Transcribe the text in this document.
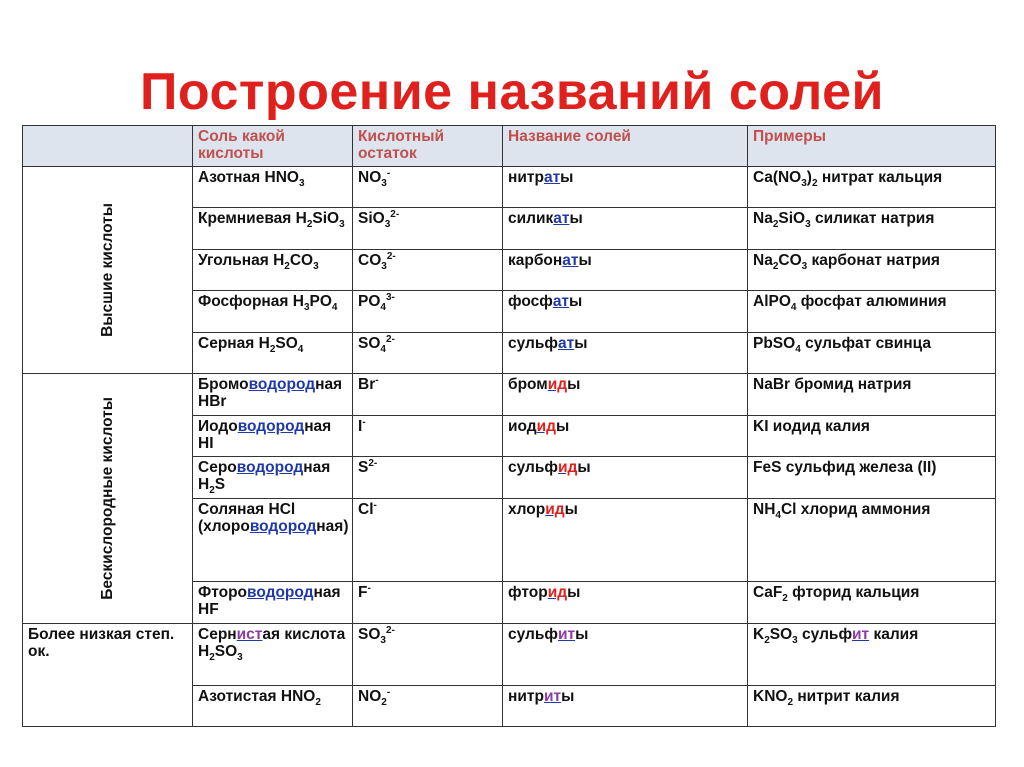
Построение названий солей
	Соль какой кислоты	Кислотный остаток	Название солей	Примеры

Высшие кислоты	Азотная $HNO_3$	$NO_3^-$	нитраты	$Ca(NO_3)_2$ нитрат кальция
	Кремниевая $H_2SiO_3$	SiO$_3^{2-}$	силикаты	$Na_2SiO_3$ силикат натрия
	Угольная $H_2CO_3$	$CO_3^{2-}$	карбонаты	$Na_2CO_3$ карбонат натрия
	Фосфорная $H_3PO_4$	$PO_4^{3-}$	фосфаты	AlPO$_4$ фосфат алюминия
	Серная $H_2SO_4$	$SO_4^{2-}$	сульфаты	PbSO$_4$ сульфат свинца

Бескислородные кислоты	Бромоводородная HBr	Br-	бромиды	NaBr бромид натрия
	Иодоводородная HI	I-	иодиды	KI иодид калия
	Сероводородная $H_2S$	$S^{2-}$	сульфиды	FeS сульфид железа (II)
	Соляная HCl (хлороводородная)	Cl-	хлориды	$NH_4Cl$ хлорид аммония
	Фтороводородная HF	F-	фториды	CaF$_2$ фторид кальция
Более низкая степ. ок.	Сернистая кислота $H_2SO_3$	$SO_3^{2-}$	сульфиты	$K_2SO_3$ сульфит калия
	Азотистая $HNO_2$	$NO_2^-$	нитриты	$KNO_2$ нитрит калия
